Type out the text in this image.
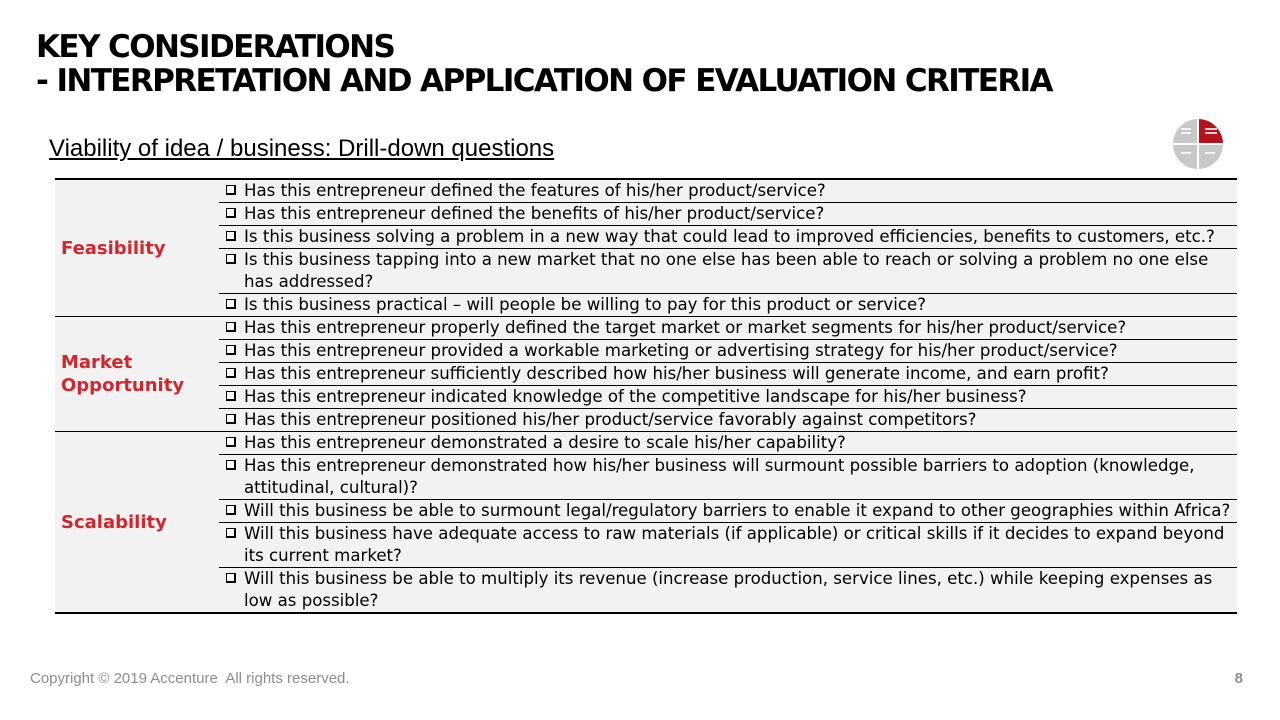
KEY CONSIDERATIONS
- INTERPRETATION AND APPLICATION OF EVALUATION CRITERIA
Viability of idea / business: Drill-down questions
Feasibility
Has this entrepreneur defined the features of his/her product/service?
Has this entrepreneur defined the benefits of his/her product/service?
Is this business solving a problem in a new way that could lead to improved efficiencies, benefits to customers, etc.?
Is this business tapping into a new market that no one else has been able to reach or solving a problem no one else has addressed?
Is this business practical – will people be willing to pay for this product or service?
Market Opportunity
Has this entrepreneur properly defined the target market or market segments for his/her product/service?
Has this entrepreneur provided a workable marketing or advertising strategy for his/her product/service?
Has this entrepreneur sufficiently described how his/her business will generate income, and earn profit?
Has this entrepreneur indicated knowledge of the competitive landscape for his/her business?
Has this entrepreneur positioned his/her product/service favorably against competitors?
Scalability
Has this entrepreneur demonstrated a desire to scale his/her capability?
Has this entrepreneur demonstrated how his/her business will surmount possible barriers to adoption (knowledge, attitudinal, cultural)?
Will this business be able to surmount legal/regulatory barriers to enable it expand to other geographies within Africa?
Will this business have adequate access to raw materials (if applicable) or critical skills if it decides to expand beyond its current market?
Will this business be able to multiply its revenue (increase production, service lines, etc.) while keeping expenses as low as possible?
Copyright © 2019 Accenture  All rights reserved.	8
